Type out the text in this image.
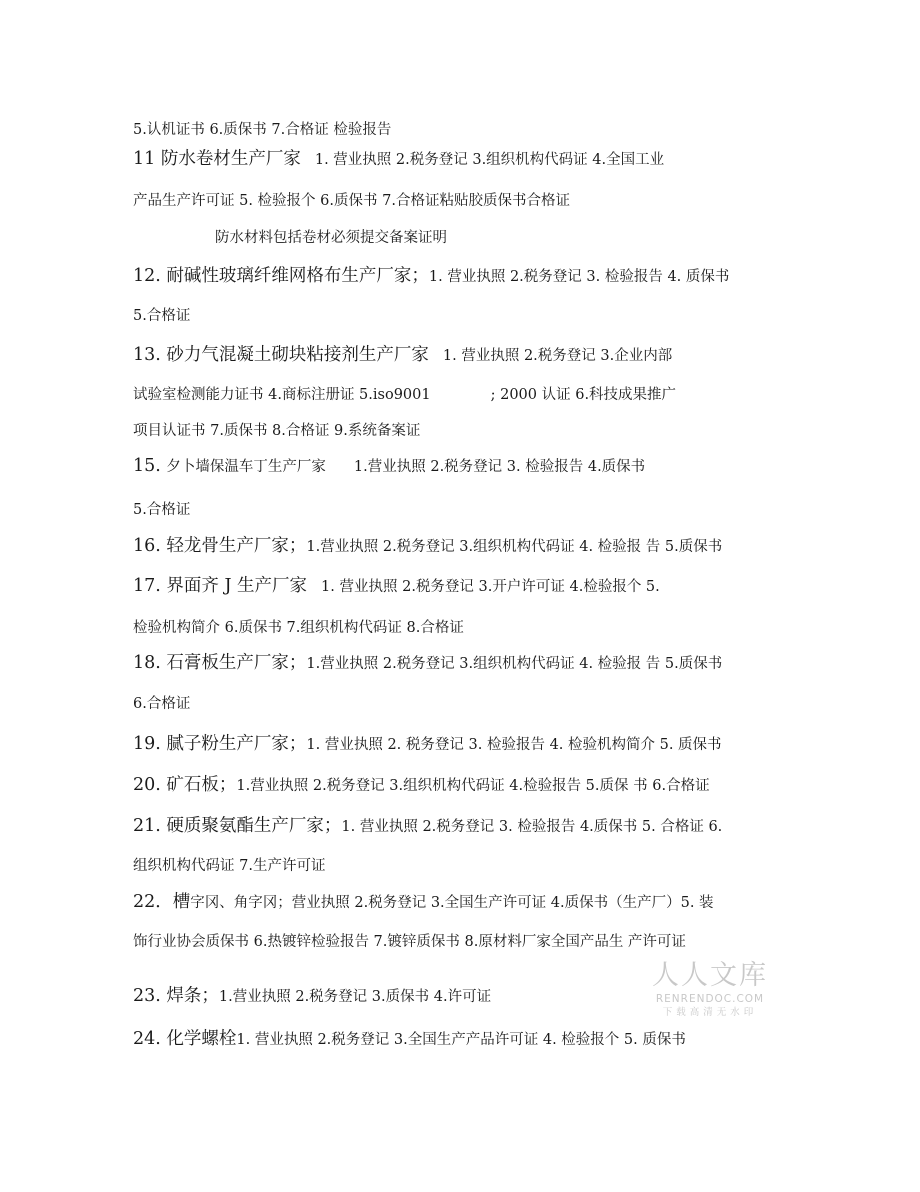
5.认机证书 6.质保书 7.合格证 检验报告
11 防水卷材生产厂家 1. 营业执照 2.税务登记 3.组织机构代码证 4.全国工业
产品生产许可证 5. 检验报个 6.质保书 7.合格证粘贴胶质保书合格证
防水材料包括卷材必须提交备案证明
12. 耐碱性玻璃纤维网格布生产厂家；1. 营业执照 2.税务登记 3. 检验报告 4. 质保书
5.合格证
13. 砂力气混凝土砌块粘接剂生产厂家 1. 营业执照 2.税务登记 3.企业内部
试验室检测能力证书 4.商标注册证 5.iso9001	; 2000 认证 6.科技成果推广
项目认证书 7.质保书 8.合格证 9.系统备案证
15. 夕卜墙保温车丁生产厂家 1.营业执照 2.税务登记 3. 检验报告 4.质保书
5.合格证
16. 轻龙骨生产厂家；1.营业执照 2.税务登记 3.组织机构代码证 4. 检验报 告 5.质保书
17. 界面齐 J 生产厂家 1. 营业执照 2.税务登记 3.开户许可证 4.检验报个 5.
检验机构简介 6.质保书 7.组织机构代码证 8.合格证
18. 石膏板生产厂家；1.营业执照 2.税务登记 3.组织机构代码证 4. 检验报 告 5.质保书
6.合格证
19. 腻子粉生产厂家；1. 营业执照 2. 税务登记 3. 检验报告 4. 检验机构简介 5. 质保书
20. 矿石板；1.营业执照 2.税务登记 3.组织机构代码证 4.检验报告 5.质保 书 6.合格证
21. 硬质聚氨酯生产厂家；1. 营业执照 2.税务登记 3. 检验报告 4.质保书 5. 合格证 6.
组织机构代码证 7.生产许可证
22．槽字冈、角字冈；营业执照 2.税务登记 3.全国生产许可证 4.质保书（生产厂）5. 装
饰行业协会质保书 6.热镀锌检验报告 7.镀锌质保书 8.原材料厂家全国产品生 产许可证
23. 焊条；1.营业执照 2.税务登记 3.质保书 4.许可证
24. 化学螺栓1. 营业执照 2.税务登记 3.全国生产产品许可证 4. 检验报个 5. 质保书
人人文库
RENRENDOC.COM
下载高清无水印
